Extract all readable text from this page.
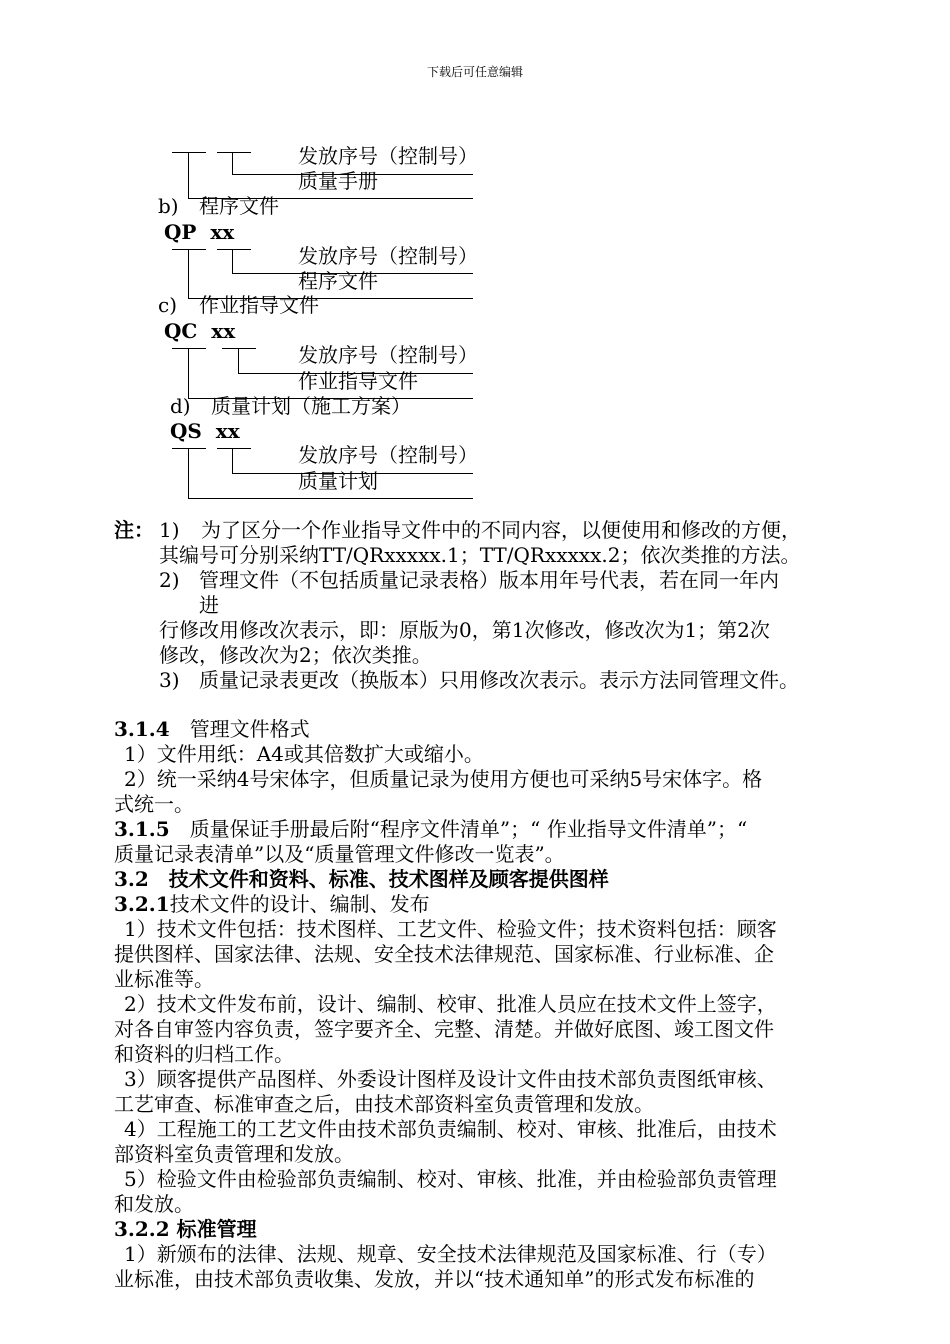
下载后可任意编辑
发放序号（控制号）
质量手册
b) 程序文件
QP  xx
发放序号（控制号）
程序文件
c) 作业指导文件
QC  xx
发放序号（控制号）
作业指导文件
d) 质量计划（施工方案）
QS  xx
发放序号（控制号）
质量计划
注： 1) 为了区分一个作业指导文件中的不同内容，以便使用和修改的方便，
其编号可分别采纳TT/QRxxxxx.1；TT/QRxxxxx.2；依次类推的方法。
2) 管理文件（不包括质量记录表格）版本用年号代表，若在同一年内
进
行修改用修改次表示，即：原版为0，第1次修改，修改次为1；第2次
修改，修改次为2；依次类推。
3) 质量记录表更改（换版本）只用修改次表示。表示方法同管理文件。

3.1.4　 管理文件格式

1）文件用纸：A4或其倍数扩大或缩小。

2）统一采纳4号宋体字，但质量记录为使用方便也可采纳5号宋体字。格

式统一。

3.1.5　 质量保证手册最后附“程序文件清单”；“ 作业指导文件清单”；“

质量记录表清单”以及“质量管理文件修改一览表”。

3.2　技术文件和资料、标准、技术图样及顾客提供图样

3.2.1技术文件的设计、编制、发布

1）技术文件包括：技术图样、工艺文件、检验文件；技术资料包括：顾客

提供图样、国家法律、法规、安全技术法律规范、国家标准、行业标准、企

业标准等。

2）技术文件发布前，设计、编制、校审、批准人员应在技术文件上签字，

对各自审签内容负责，签字要齐全、完整、清楚。并做好底图、竣工图文件

和资料的归档工作。

3）顾客提供产品图样、外委设计图样及设计文件由技术部负责图纸审核、

工艺审查、标准审查之后，由技术部资料室负责管理和发放。

4）工程施工的工艺文件由技术部负责编制、校对、审核、批准后，由技术

部资料室负责管理和发放。

5）检验文件由检验部负责编制、校对、审核、批准，并由检验部负责管理

和发放。

3.2.2 标准管理

1）新颁布的法律、法规、规章、安全技术法律规范及国家标准、行（专）

业标准，由技术部负责收集、发放，并以“技术通知单”的形式发布标准的
